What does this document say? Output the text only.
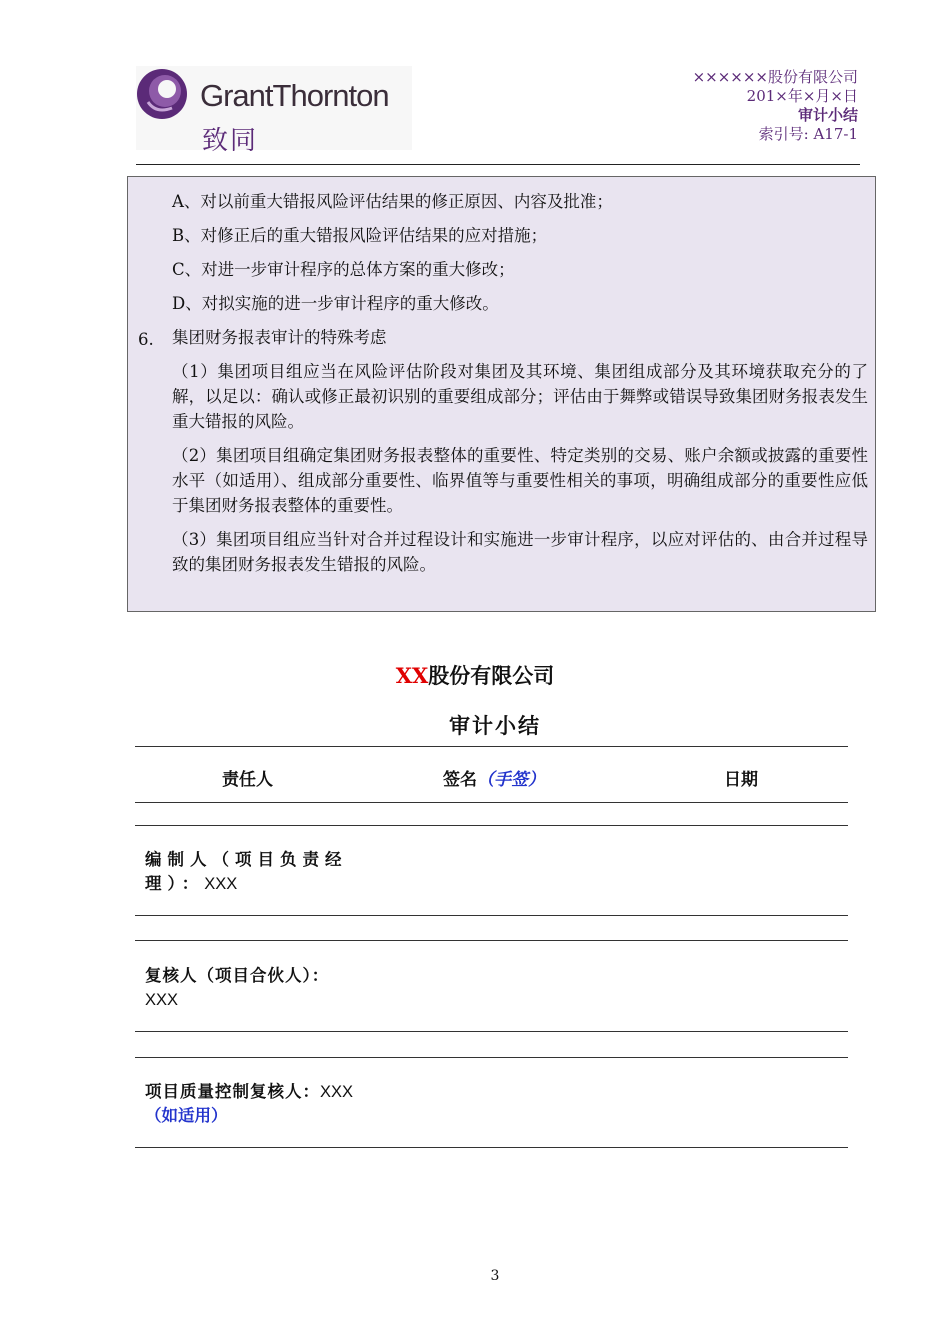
GrantThornton
致同
××××××股份有限公司
201×年×月×日
审计小结
索引号: A17-1

A、对以前重大错报风险评估结果的修正原因、内容及批准；

B、对修正后的重大错报风险评估结果的应对措施；

C、对进一步审计程序的总体方案的重大修改；

D、对拟实施的进一步审计程序的重大修改。

6. 集团财务报表审计的特殊考虑

（1）集团项目组应当在风险评估阶段对集团及其环境、集团组成部分及其环境获取充分的了解，以足以：确认或修正最初识别的重要组成部分；评估由于舞弊或错误导致集团财务报表发生重大错报的风险。

（2）集团项目组确定集团财务报表整体的重要性、特定类别的交易、账户余额或披露的重要性水平（如适用）、组成部分重要性、临界值等与重要性相关的事项，明确组成部分的重要性应低于集团财务报表整体的重要性。

（3）集团项目组应当针对合并过程设计和实施进一步审计程序，以应对评估的、由合并过程导致的集团财务报表发生错报的风险。

XX股份有限公司
审计小结
责任人	签名（手签）	日期
编制人（项目负责经理）：XXX
复核人（项目合伙人）：XXX
项目质量控制复核人：XXX（如适用）
3
